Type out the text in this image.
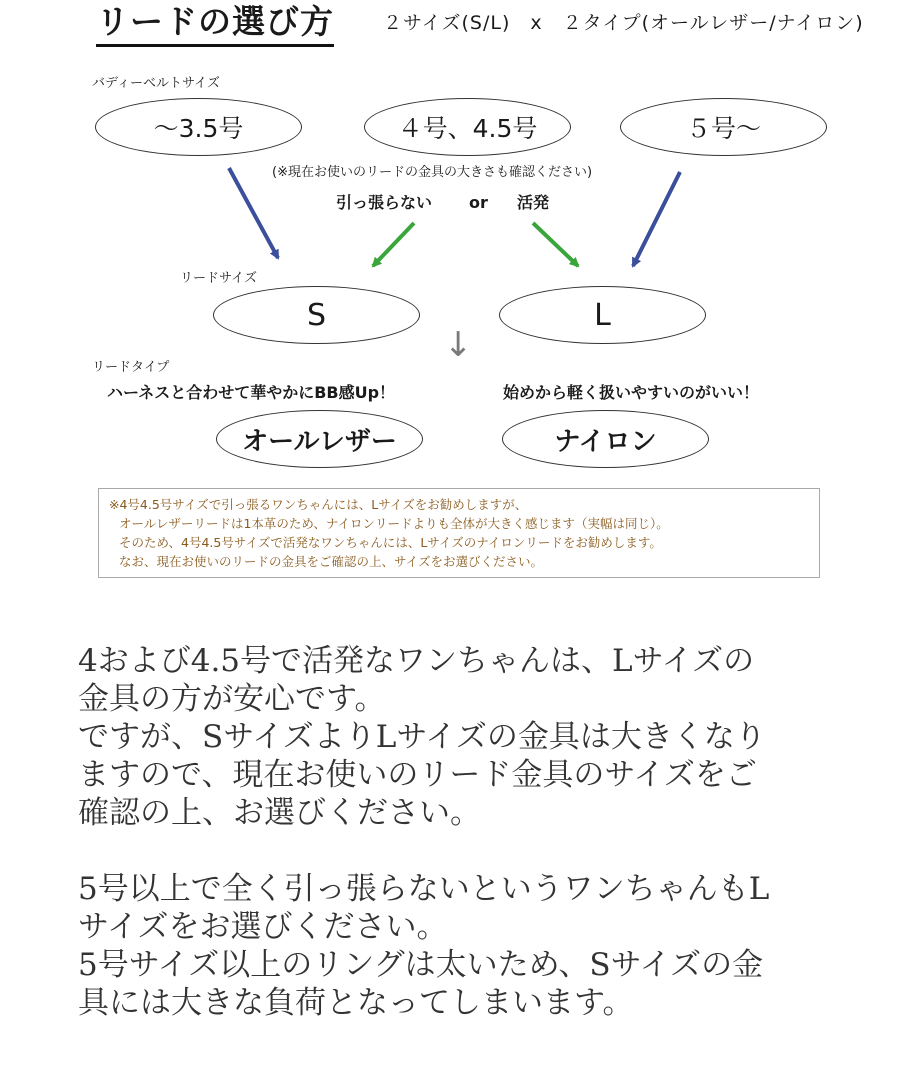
リードの選び方	２サイズ(S/L)　x　２タイプ(オールレザー/ナイロン)
バディーベルトサイズ
～3.5号	４号、4.5号	５号～
(※現在お使いのリードの金具の大きさも確認ください)
引っ張らない or 活発
リードサイズ
S	L
↓
リードタイプ
ハーネスと合わせて華やかにBB感Up！	始めから軽く扱いやすいのがいい！
オールレザー	ナイロン
※4号4.5号サイズで引っ張るワンちゃんには、Lサイズをお勧めしますが、
オールレザーリードは1本革のため、ナイロンリードよりも全体が大きく感じます（実幅は同じ）。
そのため、4号4.5号サイズで活発なワンちゃんには、Lサイズのナイロンリードをお勧めします。
なお、現在お使いのリードの金具をご確認の上、サイズをお選びください。
4および4.5号で活発なワンちゃんは、Lサイズの
金具の方が安心です。
ですが、SサイズよりLサイズの金具は大きくなり
ますので、現在お使いのリード金具のサイズをご
確認の上、お選びください。
5号以上で全く引っ張らないというワンちゃんもL
サイズをお選びください。
5号サイズ以上のリングは太いため、Sサイズの金
具には大きな負荷となってしまいます。
